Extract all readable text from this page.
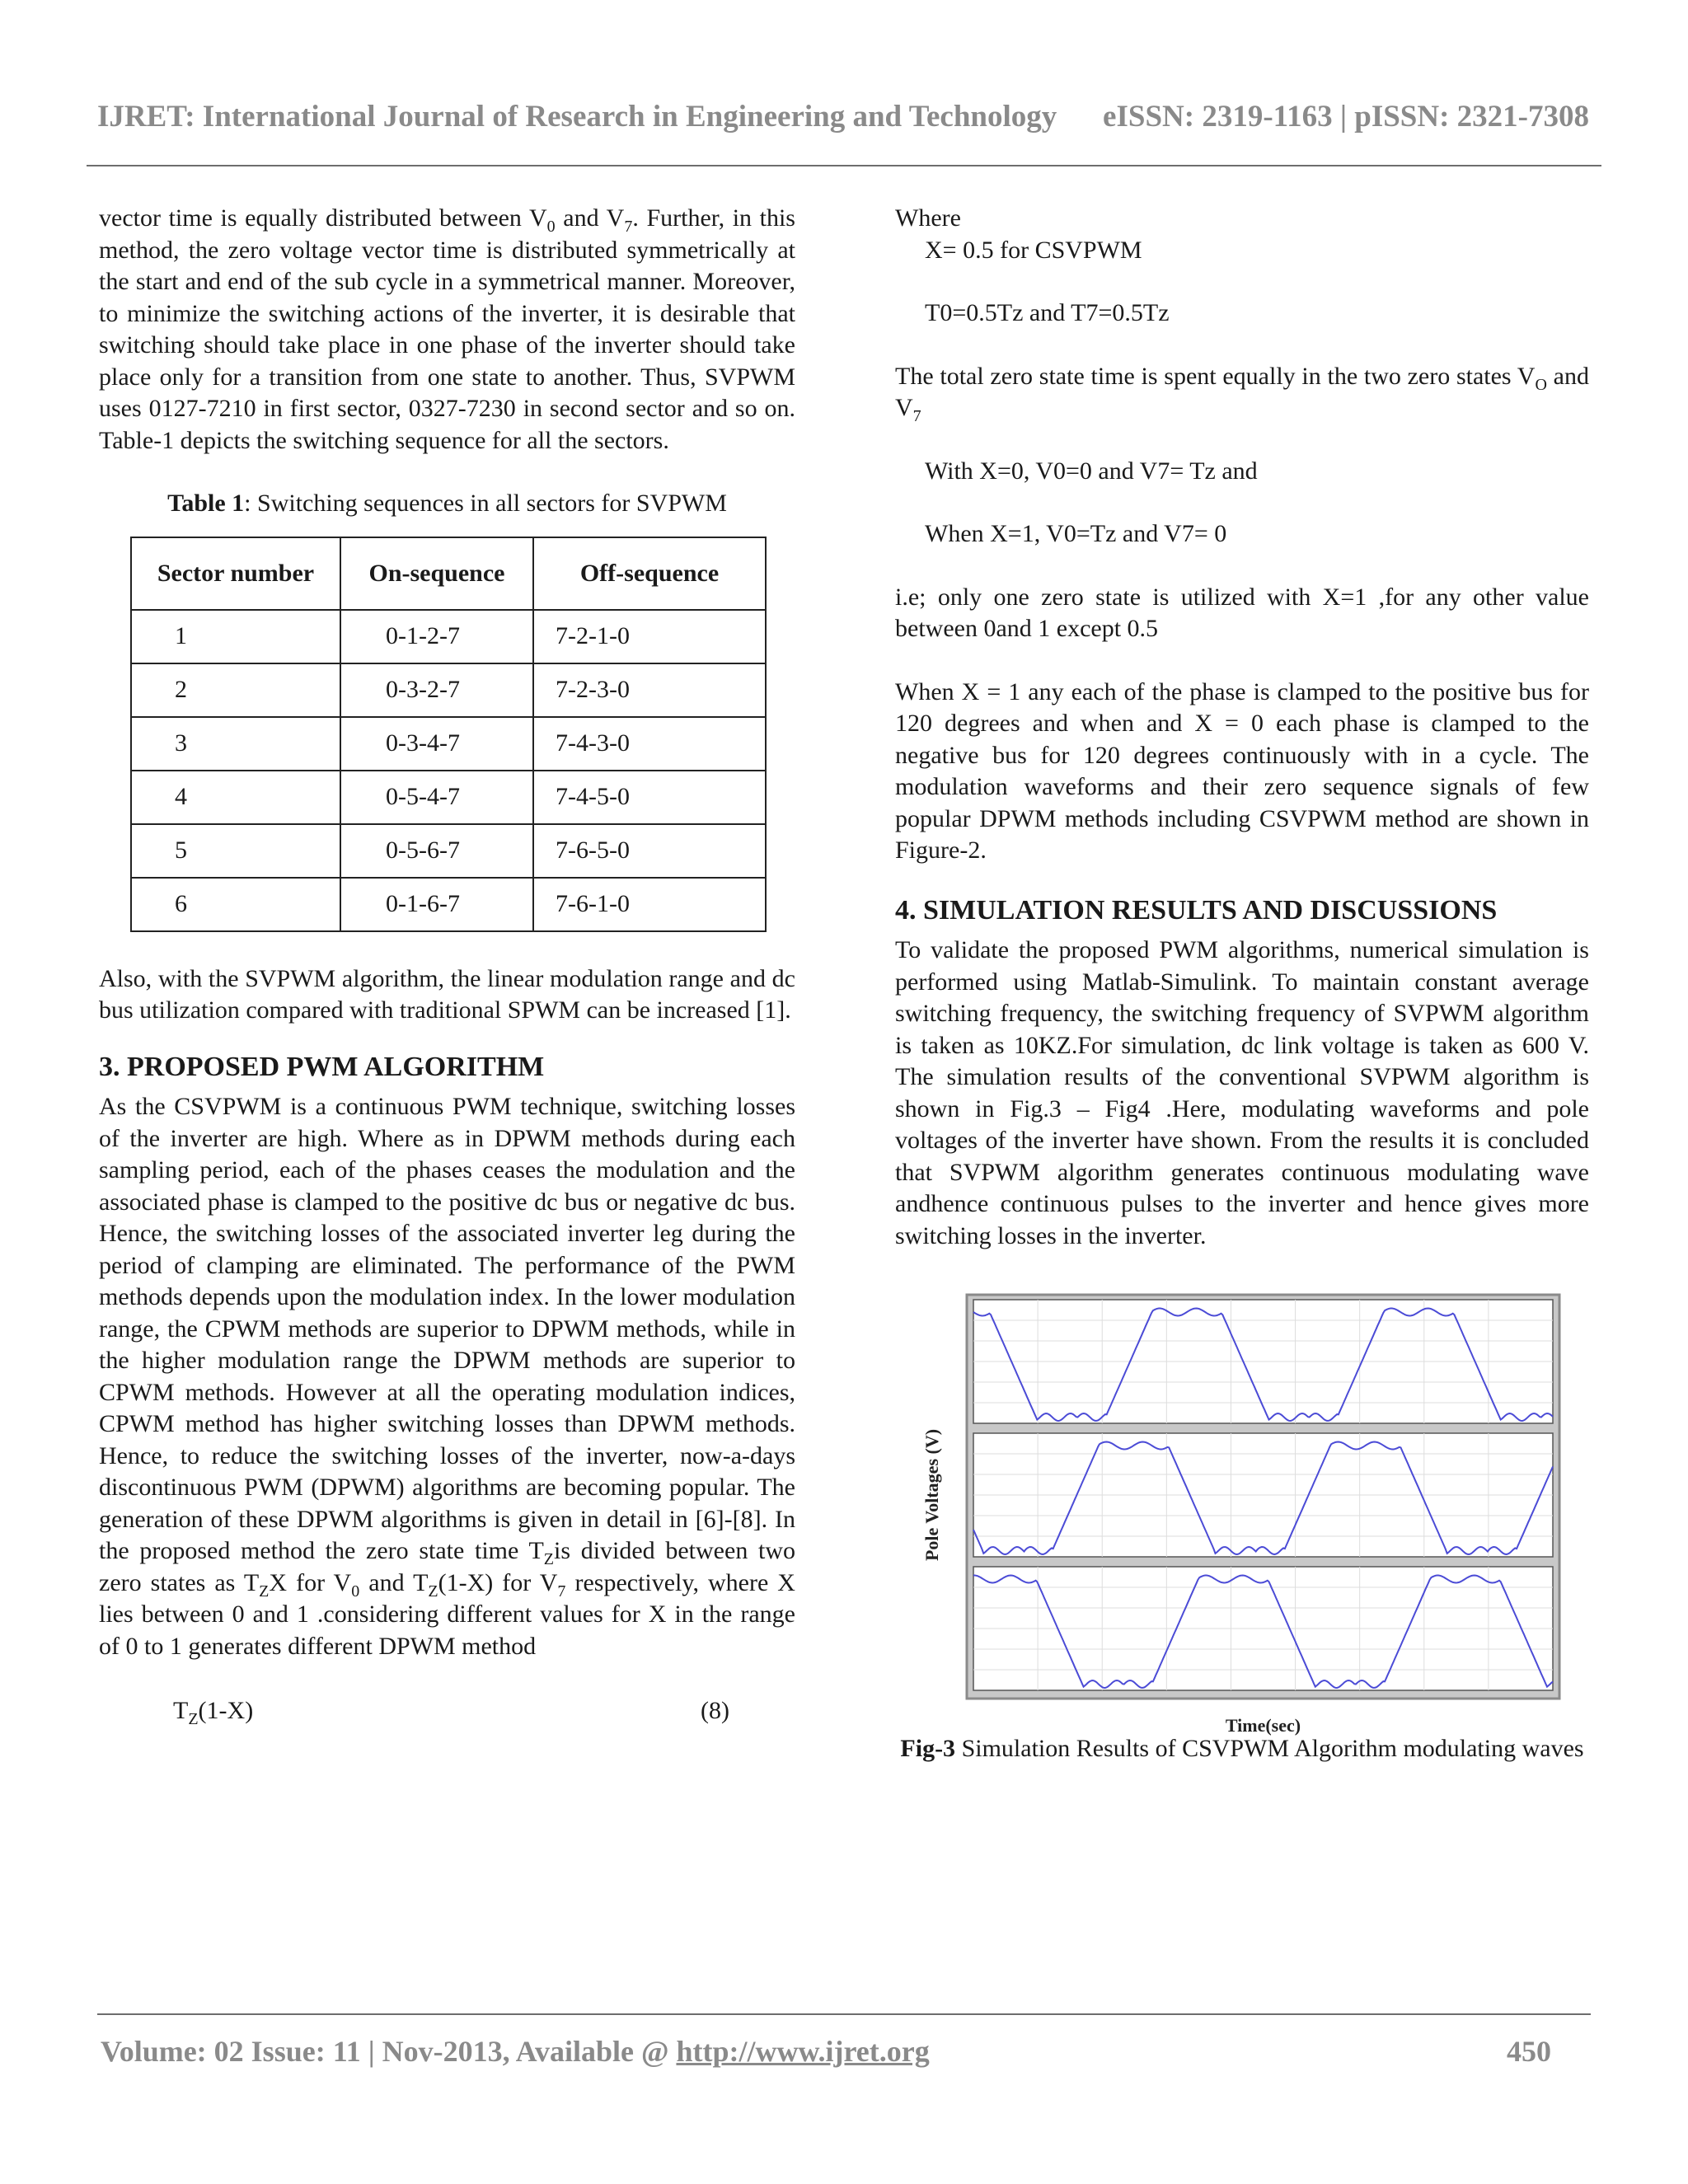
IJRET: International Journal of Research in Engineering and Technology eISSN: 2319-1163 | pISSN: 2321-7308

vector time is equally distributed between $V_0$ and $V_7$. Further, in this method, the zero voltage vector time is distributed symmetrically at the start and end of the sub cycle in a symmetrical manner. Moreover, to minimize the switching actions of the inverter, it is desirable that switching should take place in one phase of the inverter should take place only for a transition from one state to another. Thus, SVPWM uses 0127-7210 in first sector, 0327-7230 in second sector and so on. Table-1 depicts the switching sequence for all the sectors.

Table 1: Switching sequences in all sectors for SVPWM

Sector number	On-sequence	Off-sequence
1	0-1-2-7	7-2-1-0
2	0-3-2-7	7-2-3-0
3	0-3-4-7	7-4-3-0
4	0-5-4-7	7-4-5-0
5	0-5-6-7	7-6-5-0
6	0-1-6-7	7-6-1-0

Also, with the SVPWM algorithm, the linear modulation range and dc bus utilization compared with traditional SPWM can be increased [1].

3. PROPOSED PWM ALGORITHM

As the CSVPWM is a continuous PWM technique, switching losses of the inverter are high. Where as in DPWM methods during each sampling period, each of the phases ceases the modulation and the associated phase is clamped to the positive dc bus or negative dc bus. Hence, the switching losses of the associated inverter leg during the period of clamping are eliminated. The performance of the PWM methods depends upon the modulation index. In the lower modulation range, the CPWM methods are superior to DPWM methods, while in the higher modulation range the DPWM methods are superior to CPWM methods. However at all the operating modulation indices, CPWM method has higher switching losses than DPWM methods. Hence, to reduce the switching losses of the inverter, now-a-days discontinuous PWM (DPWM) algorithms are becoming popular. The generation of these DPWM algorithms is given in detail in [6]-[8]. In the proposed method the zero state time $T_Zis$ divided between two zero states as $T_ZX$ for $V_0$ and $T_Z(1-X)$ for $V_7$ respectively, where X lies between 0 and 1 .considering different values for X in the range of 0 to 1 generates different DPWM method

$T_Z(1-X)$	(8)

Where

X= 0.5 for CSVPWM

T0=0.5Tz and T7=0.5Tz

The total zero state time is spent equally in the two zero states $V_O$ and $V_7$

With X=0, V0=0 and V7= Tz and

When X=1, V0=Tz and V7= 0

i.e; only one zero state is utilized with X=1 ,for any other value between 0and 1 except 0.5

When X = 1 any each of the phase is clamped to the positive bus for 120 degrees and when and X = 0 each phase is clamped to the negative bus for 120 degrees continuously with in a cycle. The modulation waveforms and their zero sequence signals of few popular DPWM methods including CSVPWM method are shown in Figure-2.

4. SIMULATION RESULTS AND DISCUSSIONS

To validate the proposed PWM algorithms, numerical simulation is performed using Matlab-Simulink. To maintain constant average switching frequency, the switching frequency of SVPWM algorithm is taken as 10KZ.For simulation, dc link voltage is taken as 600 V. The simulation results of the conventional SVPWM algorithm is shown in Fig.3 – Fig4 .Here, modulating waveforms and pole voltages of the inverter have shown. From the results it is concluded that SVPWM algorithm generates continuous modulating wave andhence continuous pulses to the inverter and hence gives more switching losses in the inverter.

Pole Voltages (V)
Time(sec)

Fig-3 Simulation Results of CSVPWM Algorithm modulating waves

Volume: 02 Issue: 11 | Nov-2013, Available @ http://www.ijret.org	450
